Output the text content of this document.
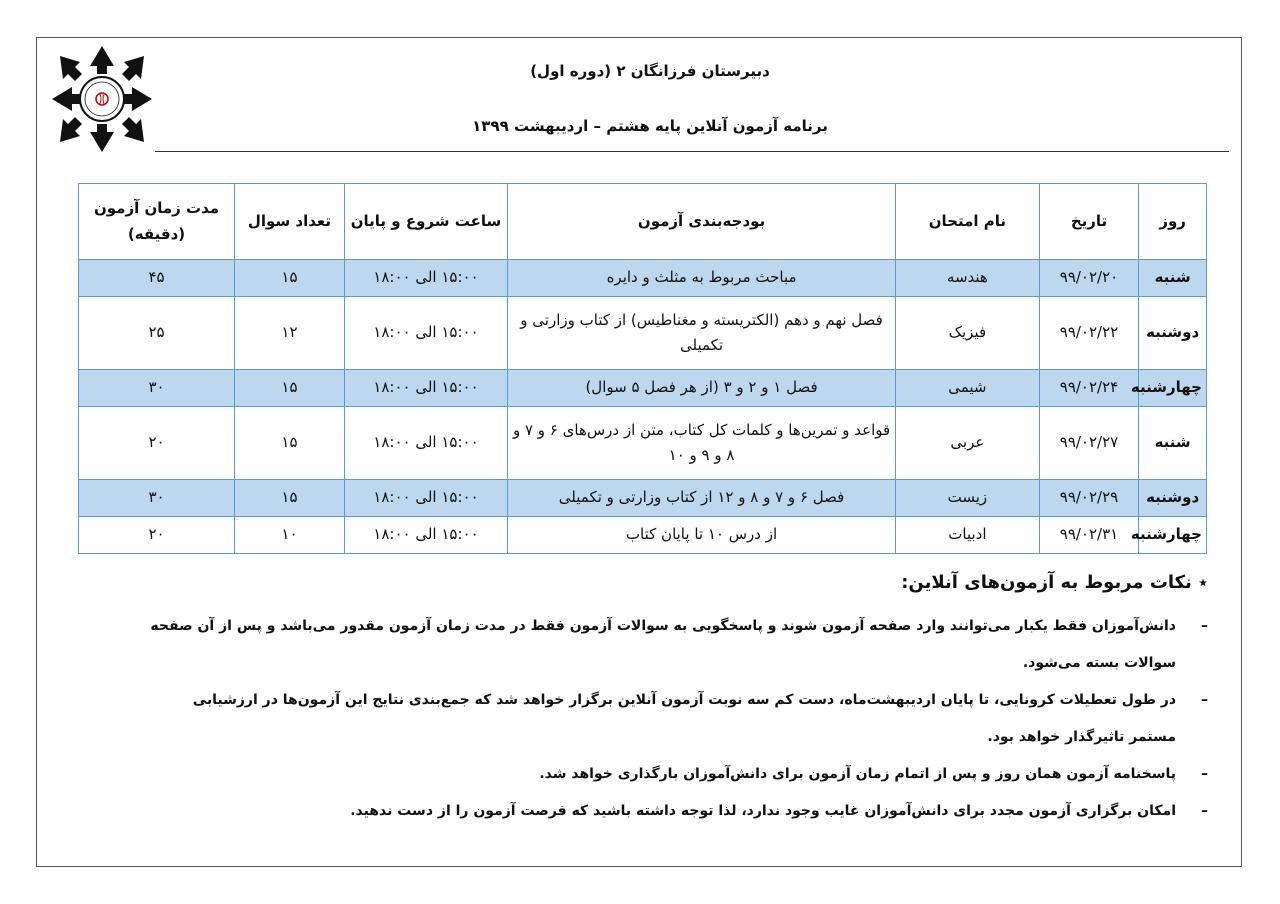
دبیرستان فرزانگان ۲ (دوره اول)
برنامه آزمون آنلاین پایه هشتم – اردیبهشت ۱۳۹۹
روز	تاریخ	نام امتحان	بودجه‌بندی آزمون	ساعت شروع و پایان	تعداد سوال	مدت زمان آزمون (دقیقه)
شنبه	۹۹/۰۲/۲۰	هندسه	مباحث مربوط به مثلث و دایره	۱۵:۰۰ الی ۱۸:۰۰	۱۵	۴۵
دوشنبه	۹۹/۰۲/۲۲	فیزیک	فصل نهم و دهم (الکتریسته و مغناطیس) از کتاب وزارتی و تکمیلی	۱۵:۰۰ الی ۱۸:۰۰	۱۲	۲۵
چهارشنبه	۹۹/۰۲/۲۴	شیمی	فصل ۱ و ۲ و ۳ (از هر فصل ۵ سوال)	۱۵:۰۰ الی ۱۸:۰۰	۱۵	۳۰
شنبه	۹۹/۰۲/۲۷	عربی	قواعد و تمرین‌ها و کلمات کل کتاب، متن از درس‌های ۶ و ۷ و ۸ و ۹ و ۱۰	۱۵:۰۰ الی ۱۸:۰۰	۱۵	۲۰
دوشنبه	۹۹/۰۲/۲۹	زیست	فصل ۶ و ۷ و ۸ و ۱۲ از کتاب وزارتی و تکمیلی	۱۵:۰۰ الی ۱۸:۰۰	۱۵	۳۰
چهارشنبه	۹۹/۰۲/۳۱	ادبیات	از درس ۱۰ تا پایان کتاب	۱۵:۰۰ الی ۱۸:۰۰	۱۰	۲۰
٭ نکات مربوط به آزمون‌های آنلاین:
–
دانش‌آموزان فقط یکبار می‌توانند وارد صفحه آزمون شوند و پاسخگویی به سوالات آزمون فقط در مدت زمان آزمون مقدور می‌باشد و پس از آن صفحه سوالات بسته می‌شود.
–
در طول تعطیلات کرونایی، تا پایان اردیبهشت‌ماه، دست کم سه نوبت آزمون آنلاین برگزار خواهد شد که جمع‌بندی نتایج این آزمون‌ها در ارزشیابی مستمر تاثیرگذار خواهد بود.
–
پاسخنامه آزمون همان روز و پس از اتمام زمان آزمون برای دانش‌آموزان بارگذاری خواهد شد.
–
امکان برگزاری آزمون مجدد برای دانش‌آموزان غایب وجود ندارد، لذا توجه داشته باشید که فرصت آزمون را از دست ندهید.
